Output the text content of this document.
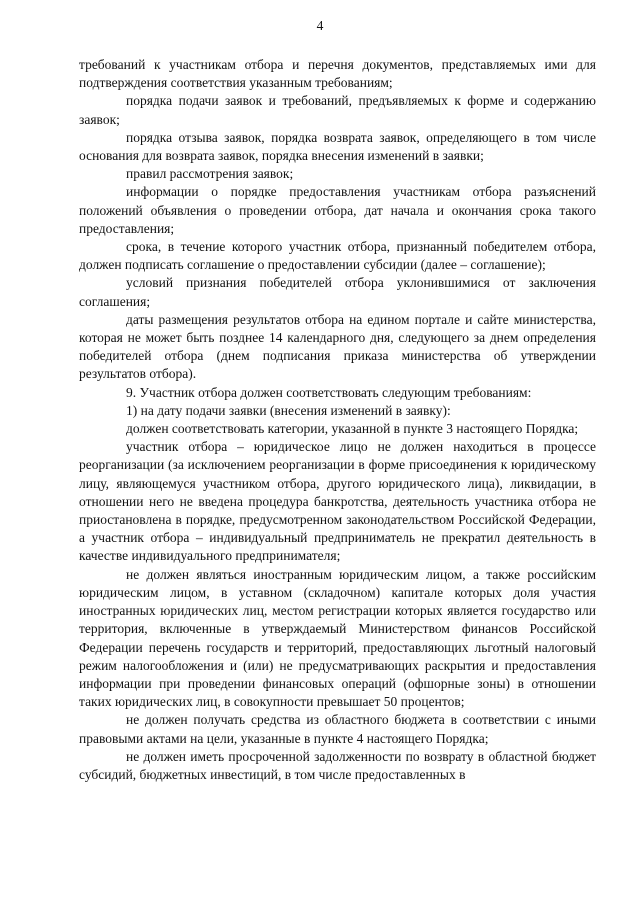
4

требований к участникам отбора и перечня документов, представляемых ими для подтверждения соответствия указанным требованиям;

порядка подачи заявок и требований, предъявляемых к форме и содержанию заявок;

порядка отзыва заявок, порядка возврата заявок, определяющего в том числе основания для возврата заявок, порядка внесения изменений в заявки;

правил рассмотрения заявок;

информации о порядке предоставления участникам отбора разъяснений положений объявления о проведении отбора, дат начала и окончания срока такого предоставления;

срока, в течение которого участник отбора, признанный победителем отбора, должен подписать соглашение о предоставлении субсидии (далее – соглашение);

условий признания победителей отбора уклонившимися от заключения соглашения;

даты размещения результатов отбора на едином портале и сайте министерства, которая не может быть позднее 14 календарного дня, следующего за днем определения победителей отбора (днем подписания приказа министерства об утверждении результатов отбора).

9. Участник отбора должен соответствовать следующим требованиям:

1) на дату подачи заявки (внесения изменений в заявку):

должен соответствовать категории, указанной в пункте 3 настоящего Порядка;

участник отбора – юридическое лицо не должен находиться в процессе реорганизации (за исключением реорганизации в форме присоединения к юридическому лицу, являющемуся участником отбора, другого юридического лица), ликвидации, в отношении него не введена процедура банкротства, деятельность участника отбора не приостановлена в порядке, предусмотренном законодательством Российской Федерации, а участник отбора – индивидуальный предприниматель не прекратил деятельность в качестве индивидуального предпринимателя;

не должен являться иностранным юридическим лицом, а также российским юридическим лицом, в уставном (складочном) капитале которых доля участия иностранных юридических лиц, местом регистрации которых является государство или территория, включенные в утверждаемый Министерством финансов Российской Федерации перечень государств и территорий, предоставляющих льготный налоговый режим налогообложения и (или) не предусматривающих раскрытия и предоставления информации при проведении финансовых операций (офшорные зоны) в отношении таких юридических лиц, в совокупности превышает 50 процентов;

не должен получать средства из областного бюджета в соответствии с иными правовыми актами на цели, указанные в пункте 4 настоящего Порядка;

не должен иметь просроченной задолженности по возврату в областной бюджет субсидий, бюджетных инвестиций, в том числе предоставленных в
